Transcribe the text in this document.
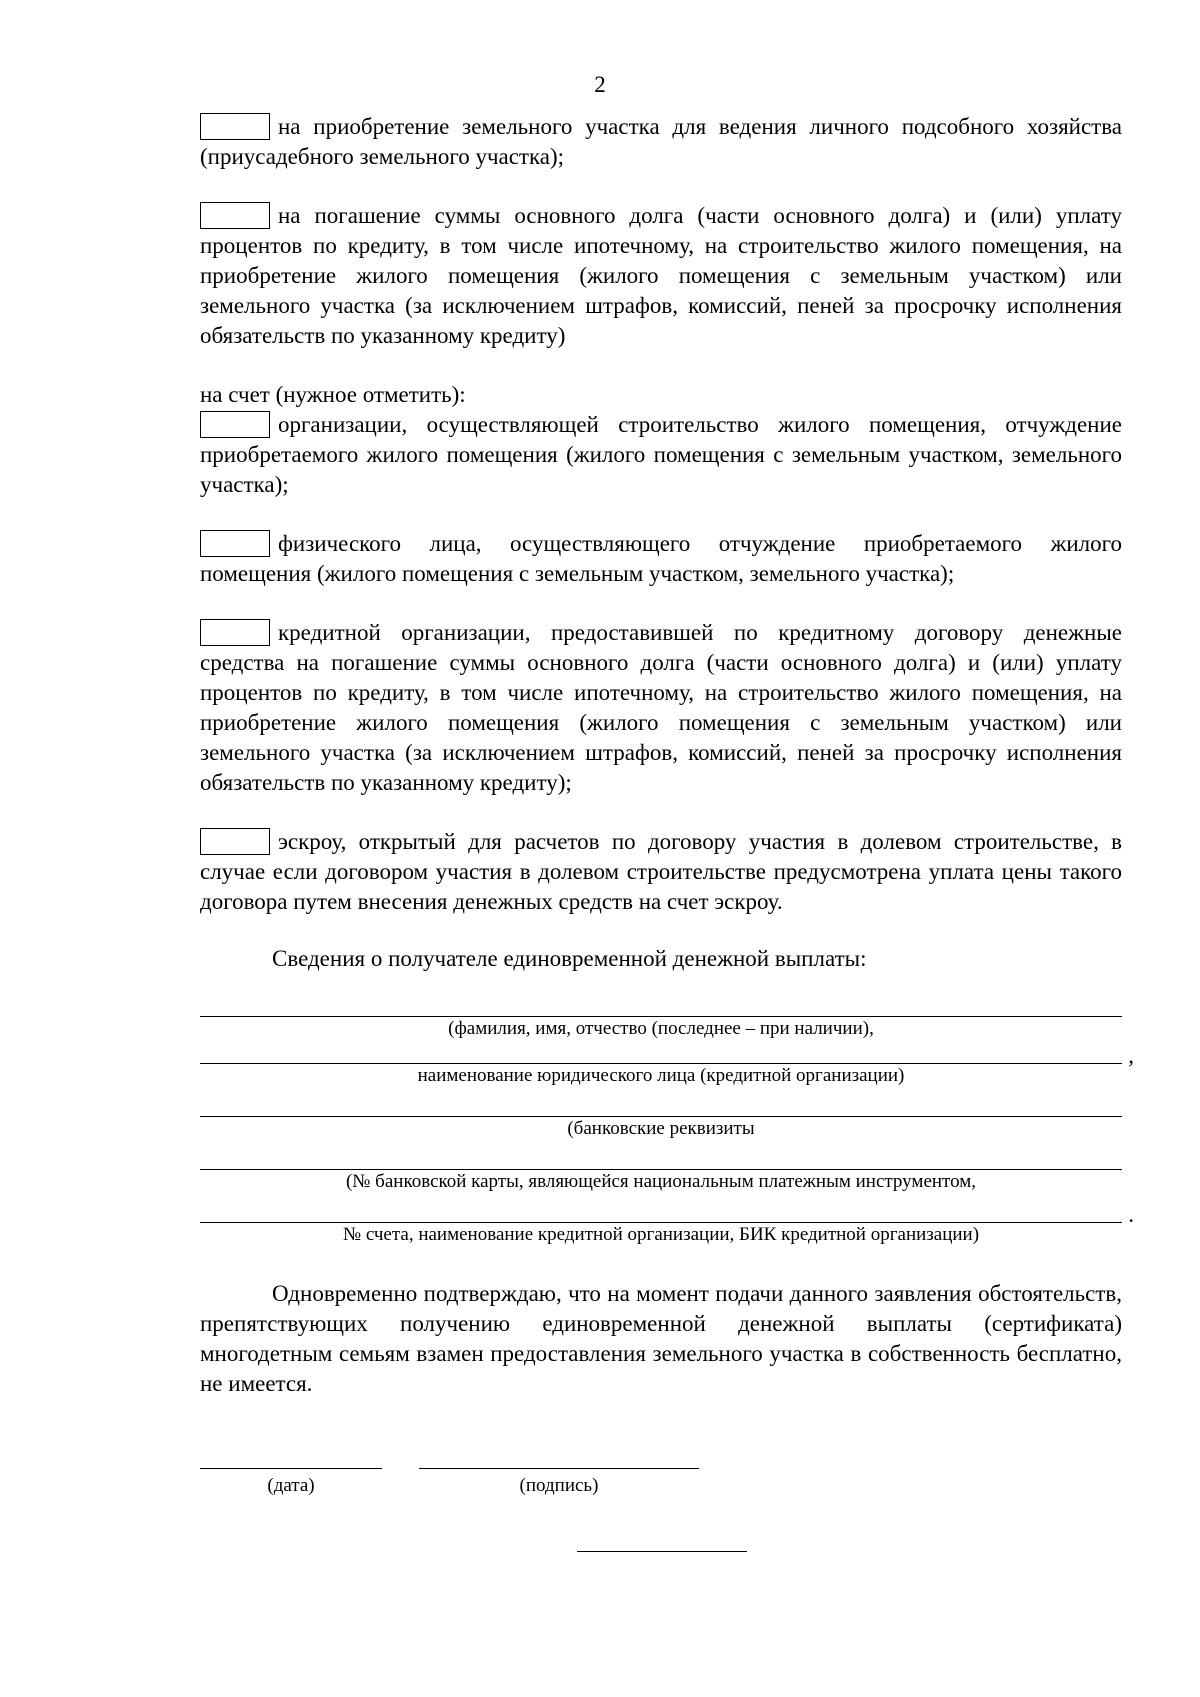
2

на приобретение земельного участка для ведения личного подсобного хозяйства (приусадебного земельного участка);

на погашение суммы основного долга (части основного долга) и (или) уплату процентов по кредиту, в том числе ипотечному, на строительство жилого помещения, на приобретение жилого помещения (жилого помещения с земельным участком) или земельного участка (за исключением штрафов, комиссий, пеней за просрочку исполнения обязательств по указанному кредиту)

на счет (нужное отметить):

организации, осуществляющей строительство жилого помещения, отчуждение приобретаемого жилого помещения (жилого помещения с земельным участком, земельного участка);

физического лица, осуществляющего отчуждение приобретаемого жилого помещения (жилого помещения с земельным участком, земельного участка);

кредитной организации, предоставившей по кредитному договору денежные средства на погашение суммы основного долга (части основного долга) и (или) уплату процентов по кредиту, в том числе ипотечному, на строительство жилого помещения, на приобретение жилого помещения (жилого помещения с земельным участком) или земельного участка (за исключением штрафов, комиссий, пеней за просрочку исполнения обязательств по указанному кредиту);

эскроу, открытый для расчетов по договору участия в долевом строительстве, в случае если договором участия в долевом строительстве предусмотрена уплата цены такого договора путем внесения денежных средств на счет эскроу.

Сведения о получателе единовременной денежной выплаты:

(фамилия, имя, отчество (последнее – при наличии),
,
наименование юридического лица (кредитной организации)
(банковские реквизиты
(№ банковской карты, являющейся национальным платежным инструментом,
.
№ счета, наименование кредитной организации, БИК кредитной организации)

Одновременно подтверждаю, что на момент подачи данного заявления обстоятельств, препятствующих получению единовременной денежной выплаты (сертификата) многодетным семьям взамен предоставления земельного участка в собственность бесплатно, не имеется.

(дата)	(подпись)
